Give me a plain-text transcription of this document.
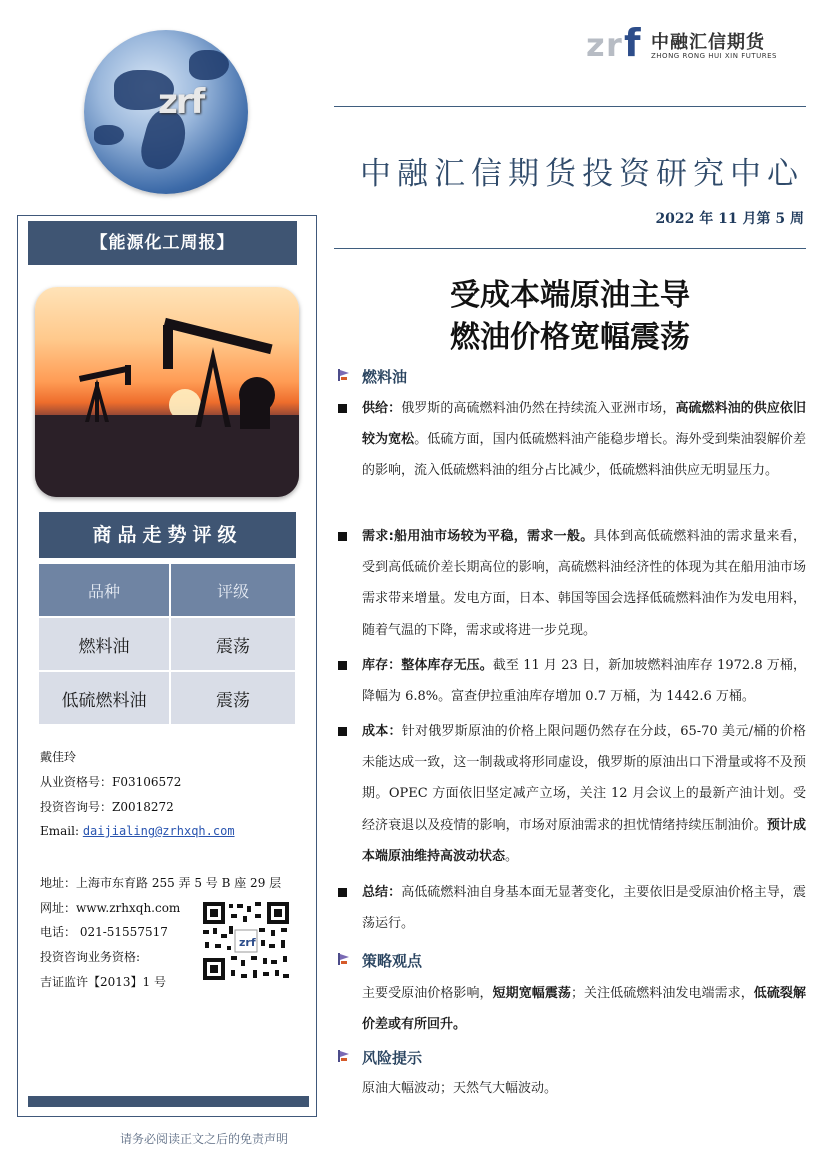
zrf
z r f 中融汇信期货
ZHONG RONG HUI XIN FUTURES
中融汇信期货投资研究中心
2022 年 11 月第 5 周
【能源化工周报】
商品走势评级
品种	评级
燃料油	震荡
低硫燃料油	震荡
戴佳玲
从业资格号：F03106572
投资咨询号：Z0018272
Email: daijialing@zrhxqh.com
地址：上海市东育路 255 弄 5 号 B 座 29 层
网址：www.zrhxqh.com
电话： 021-51557517
投资咨询业务资格:
吉证监许【2013】1 号
zrf
请务必阅读正文之后的免责声明
受成本端原油主导
燃油价格宽幅震荡
燃料油
供给：俄罗斯的高硫燃料油仍然在持续流入亚洲市场，高硫燃料油的供应依旧较为宽松。低硫方面，国内低硫燃料油产能稳步增长。海外受到柴油裂解价差的影响，流入低硫燃料油的组分占比减少，低硫燃料油供应无明显压力。
需求:船用油市场较为平稳，需求一般。具体到高低硫燃料油的需求量来看，受到高低硫价差长期高位的影响，高硫燃料油经济性的体现为其在船用油市场需求带来增量。发电方面，日本、韩国等国会选择低硫燃料油作为发电用料，随着气温的下降，需求或将进一步兑现。
库存：整体库存无压。截至 11 月 23 日，新加坡燃料油库存 1972.8 万桶，降幅为 6.8%。富查伊拉重油库存增加 0.7 万桶，为 1442.6 万桶。
成本：针对俄罗斯原油的价格上限问题仍然存在分歧，65-70 美元/桶的价格未能达成一致，这一制裁或将形同虚设，俄罗斯的原油出口下滑量或将不及预期。OPEC 方面依旧坚定减产立场，关注 12 月会议上的最新产油计划。受经济衰退以及疫情的影响，市场对原油需求的担忧情绪持续压制油价。预计成本端原油维持高波动状态。
总结：高低硫燃料油自身基本面无显著变化，主要依旧是受原油价格主导，震荡运行。
策略观点
主要受原油价格影响，短期宽幅震荡；关注低硫燃料油发电端需求，低硫裂解价差或有所回升。
风险提示
原油大幅波动；天然气大幅波动。
